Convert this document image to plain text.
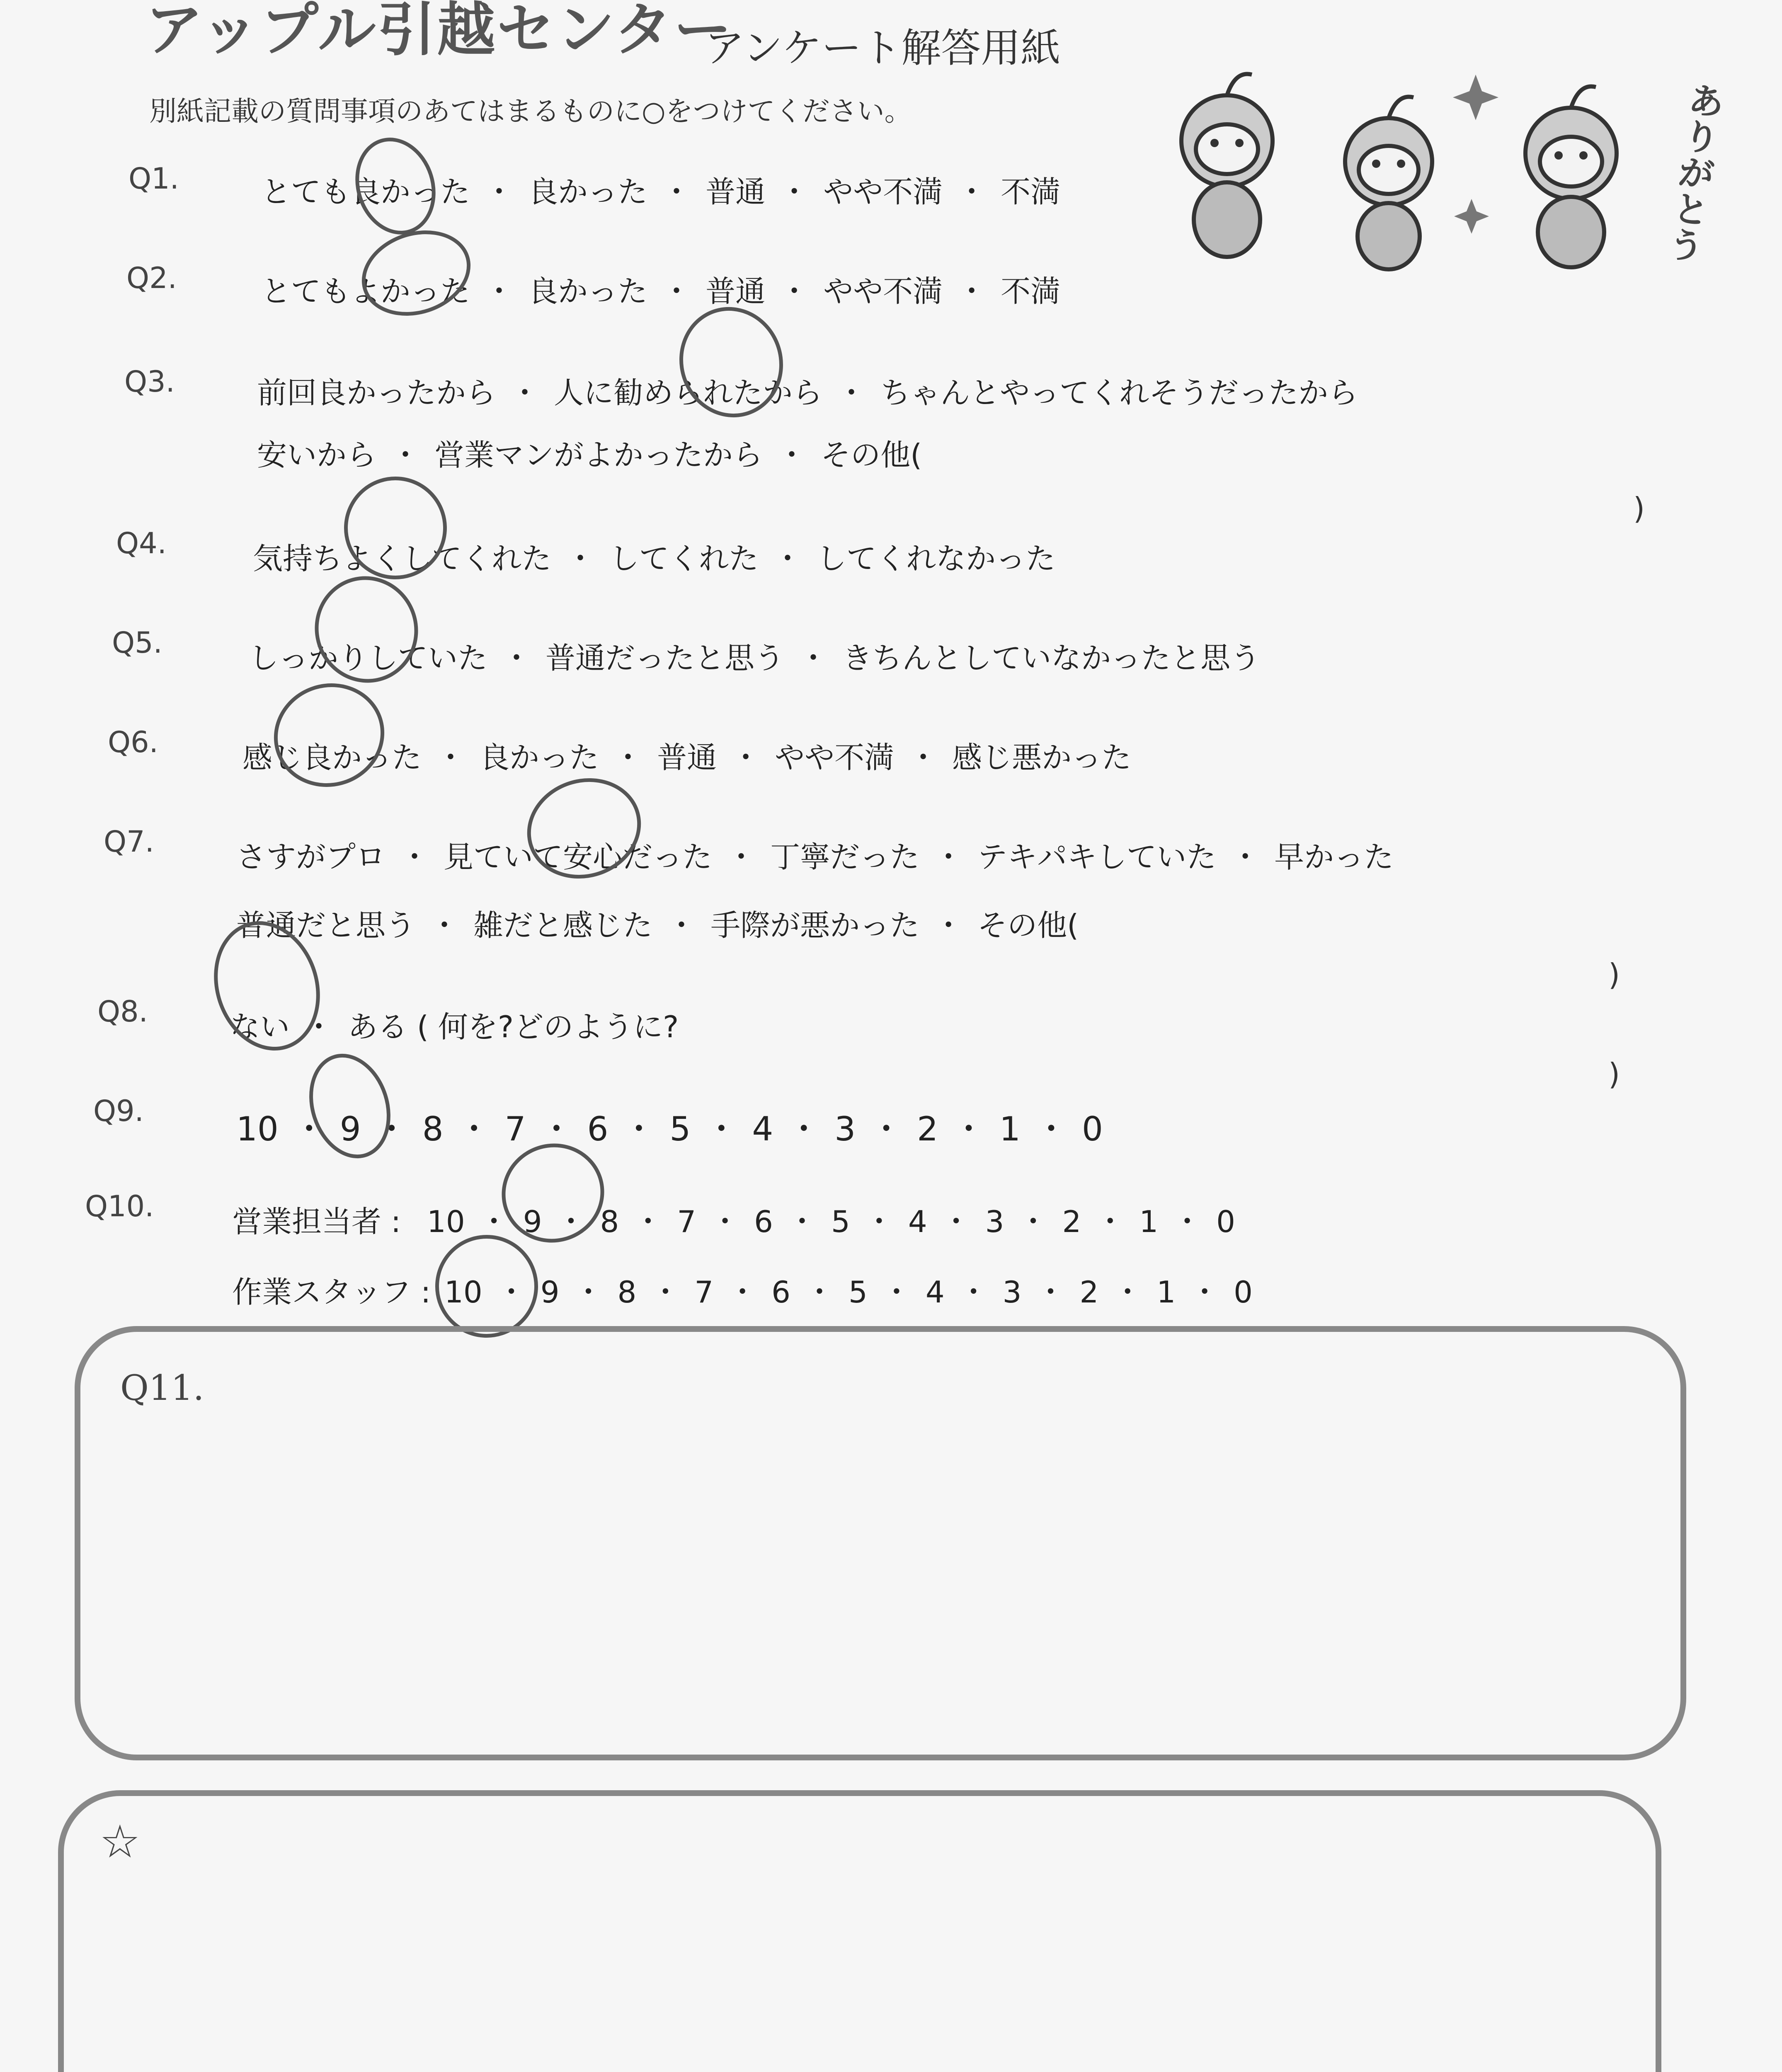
アップル引越センター
アンケート解答用紙
別紙記載の質問事項のあてはまるものに○をつけてください。	ありがとう
Q1.	とても良かった ・ 良かった ・ 普通 ・ やや不満 ・ 不満
Q2.	とてもよかった ・ 良かった ・ 普通 ・ やや不満 ・ 不満
Q3.	前回良かったから ・ 人に勧められたから ・ ちゃんとやってくれそうだったから
安いから ・ 営業マンがよかったから ・ その他(
)
Q4.	気持ちよくしてくれた ・ してくれた ・ してくれなかった
Q5.	しっかりしていた ・ 普通だったと思う ・ きちんとしていなかったと思う
Q6.	感じ良かった ・ 良かった ・ 普通 ・ やや不満 ・ 感じ悪かった
Q7.	さすがプロ ・ 見ていて安心だった ・ 丁寧だった ・ テキパキしていた ・ 早かった
普通だと思う ・ 雑だと感じた ・ 手際が悪かった ・ その他(
)
Q8.	ない ・ ある ( 何を?どのように?
)
Q9.	10 ・ 9 ・ 8 ・ 7 ・ 6 ・ 5 ・ 4 ・ 3 ・ 2 ・ 1 ・ 0
Q10.	営業担当者 : 10 ・ 9 ・ 8 ・ 7 ・ 6 ・ 5 ・ 4 ・ 3 ・ 2 ・ 1 ・ 0
作業スタッフ : 10 ・ 9 ・ 8 ・ 7 ・ 6 ・ 5 ・ 4 ・ 3 ・ 2 ・ 1 ・ 0
Q11.
☆
